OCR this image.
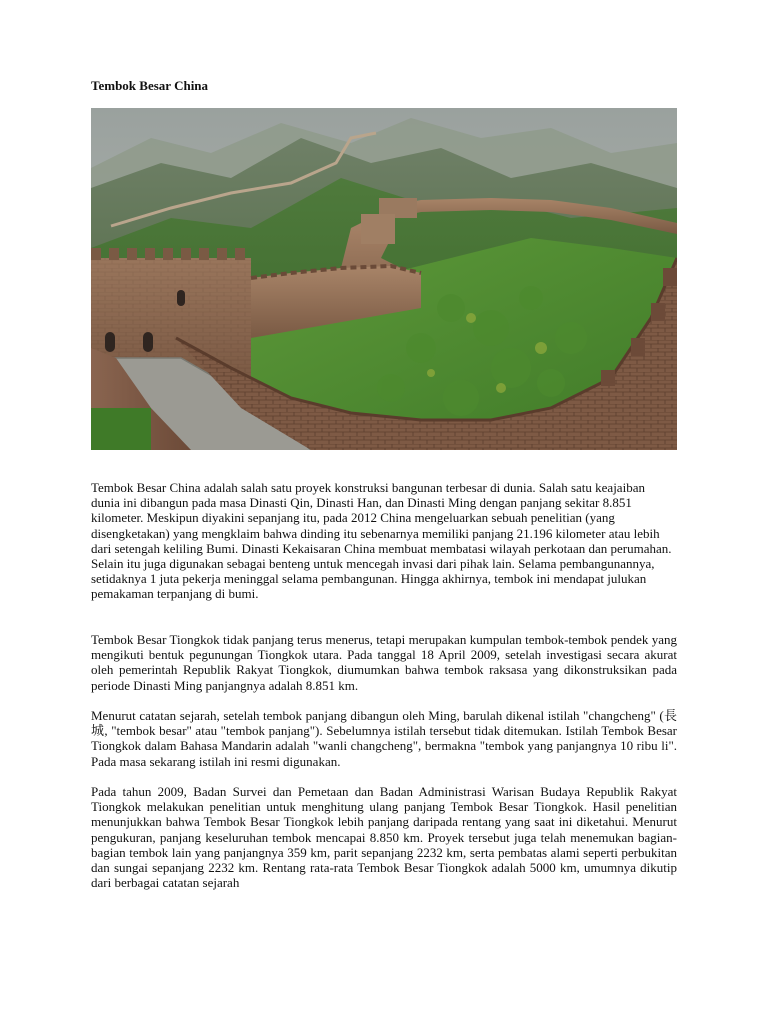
Tembok Besar China

Tembok Besar China adalah salah satu proyek konstruksi bangunan terbesar di dunia. Salah satu keajaiban dunia ini dibangun pada masa Dinasti Qin, Dinasti Han, dan Dinasti Ming dengan panjang sekitar 8.851 kilometer. Meskipun diyakini sepanjang itu, pada 2012 China mengeluarkan sebuah penelitian (yang disengketakan) yang mengklaim bahwa dinding itu sebenarnya memiliki panjang 21.196 kilometer atau lebih dari setengah keliling Bumi. Dinasti Kekaisaran China membuat membatasi wilayah perkotaan dan perumahan. Selain itu juga digunakan sebagai benteng untuk mencegah invasi dari pihak lain. Selama pembangunannya, setidaknya 1 juta pekerja meninggal selama pembangunan. Hingga akhirnya, tembok ini mendapat julukan pemakaman terpanjang di bumi.

Tembok Besar Tiongkok tidak panjang terus menerus, tetapi merupakan kumpulan tembok-tembok pendek yang mengikuti bentuk pegunungan Tiongkok utara. Pada tanggal 18 April 2009, setelah investigasi secara akurat oleh pemerintah Republik Rakyat Tiongkok, diumumkan bahwa tembok raksasa yang dikonstruksikan pada periode Dinasti Ming panjangnya adalah 8.851 km.

Menurut catatan sejarah, setelah tembok panjang dibangun oleh Ming, barulah dikenal istilah "changcheng" (長城, "tembok besar" atau "tembok panjang"). Sebelumnya istilah tersebut tidak ditemukan. Istilah Tembok Besar Tiongkok dalam Bahasa Mandarin adalah "wanli changcheng", bermakna "tembok yang panjangnya 10 ribu li". Pada masa sekarang istilah ini resmi digunakan.

Pada tahun 2009, Badan Survei dan Pemetaan dan Badan Administrasi Warisan Budaya Republik Rakyat Tiongkok melakukan penelitian untuk menghitung ulang panjang Tembok Besar Tiongkok. Hasil penelitian menunjukkan bahwa Tembok Besar Tiongkok lebih panjang daripada rentang yang saat ini diketahui. Menurut pengukuran, panjang keseluruhan tembok mencapai 8.850 km. Proyek tersebut juga telah menemukan bagian-bagian tembok lain yang panjangnya 359 km, parit sepanjang 2232 km, serta pembatas alami seperti perbukitan dan sungai sepanjang 2232 km. Rentang rata-rata Tembok Besar Tiongkok adalah 5000 km, umumnya dikutip dari berbagai catatan sejarah
